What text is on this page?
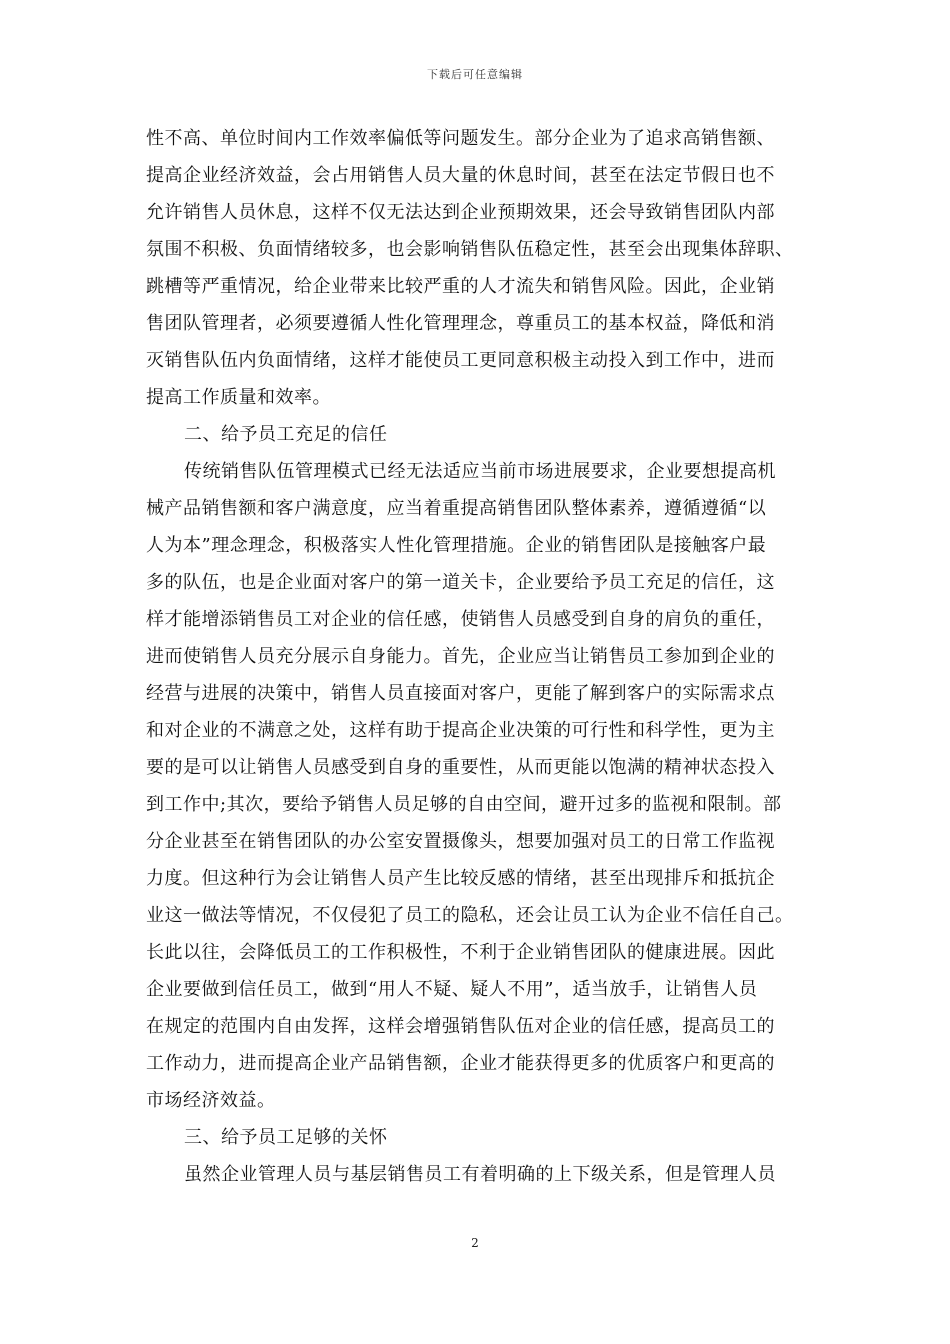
下载后可任意编辑
性不高、单位时间内工作效率偏低等问题发生。部分企业为了追求高销售额、
提高企业经济效益，会占用销售人员大量的休息时间，甚至在法定节假日也不
允许销售人员休息，这样不仅无法达到企业预期效果，还会导致销售团队内部
氛围不积极、负面情绪较多，也会影响销售队伍稳定性，甚至会出现集体辞职、
跳槽等严重情况，给企业带来比较严重的人才流失和销售风险。因此，企业销
售团队管理者，必须要遵循人性化管理理念，尊重员工的基本权益，降低和消
灭销售队伍内负面情绪，这样才能使员工更同意积极主动投入到工作中，进而
提高工作质量和效率。
二、给予员工充足的信任
传统销售队伍管理模式已经无法适应当前市场进展要求，企业要想提高机
械产品销售额和客户满意度，应当着重提高销售团队整体素养，遵循遵循“以
人为本”理念理念，积极落实人性化管理措施。企业的销售团队是接触客户最
多的队伍，也是企业面对客户的第一道关卡，企业要给予员工充足的信任，这
样才能增添销售员工对企业的信任感，使销售人员感受到自身的肩负的重任，
进而使销售人员充分展示自身能力。首先，企业应当让销售员工参加到企业的
经营与进展的决策中，销售人员直接面对客户，更能了解到客户的实际需求点
和对企业的不满意之处，这样有助于提高企业决策的可行性和科学性，更为主
要的是可以让销售人员感受到自身的重要性，从而更能以饱满的精神状态投入
到工作中;其次，要给予销售人员足够的自由空间，避开过多的监视和限制。部
分企业甚至在销售团队的办公室安置摄像头，想要加强对员工的日常工作监视
力度。但这种行为会让销售人员产生比较反感的情绪，甚至出现排斥和抵抗企
业这一做法等情况，不仅侵犯了员工的隐私，还会让员工认为企业不信任自己。
长此以往，会降低员工的工作积极性，不利于企业销售团队的健康进展。因此
企业要做到信任员工，做到“用人不疑、疑人不用”，适当放手，让销售人员
在规定的范围内自由发挥，这样会增强销售队伍对企业的信任感，提高员工的
工作动力，进而提高企业产品销售额，企业才能获得更多的优质客户和更高的
市场经济效益。
三、给予员工足够的关怀
虽然企业管理人员与基层销售员工有着明确的上下级关系，但是管理人员
2
